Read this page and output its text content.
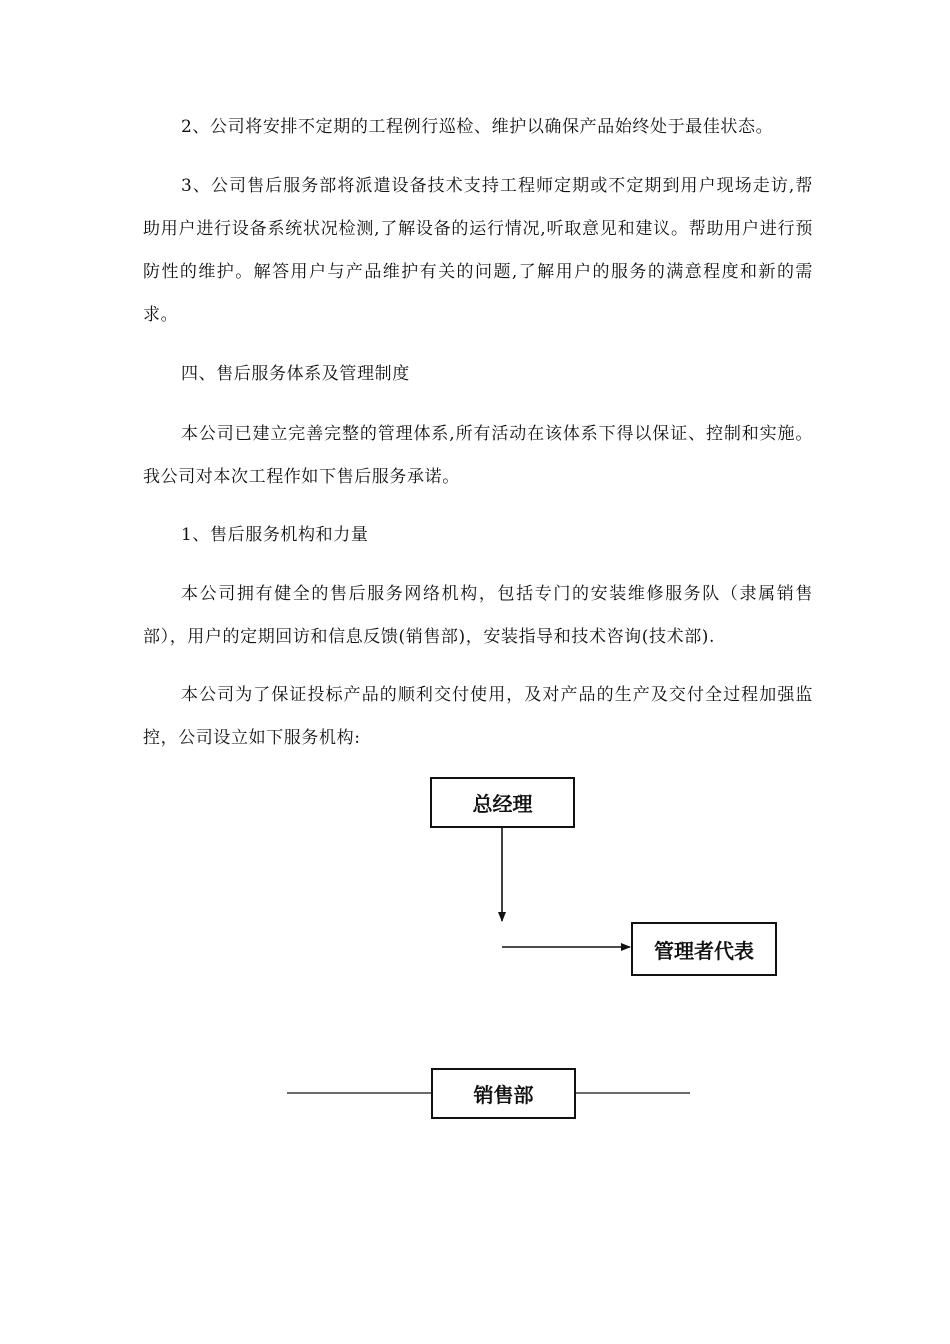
2、公司将安排不定期的工程例行巡检、维护以确保产品始终处于最佳状态。

3、公司售后服务部将派遣设备技术支持工程师定期或不定期到用户现场走访,帮助用户进行设备系统状况检测,了解设备的运行情况,听取意见和建议。帮助用户进行预防性的维护。解答用户与产品维护有关的问题,了解用户的服务的满意程度和新的需求。

四、售后服务体系及管理制度

本公司已建立完善完整的管理体系,所有活动在该体系下得以保证、控制和实施。我公司对本次工程作如下售后服务承诺。

1、售后服务机构和力量

本公司拥有健全的售后服务网络机构，包括专门的安装维修服务队（隶属销售部），用户的定期回访和信息反馈(销售部)，安装指导和技术咨询(技术部).

本公司为了保证投标产品的顺利交付使用，及对产品的生产及交付全过程加强监控，公司设立如下服务机构:

总经理
管理者代表
销售部
